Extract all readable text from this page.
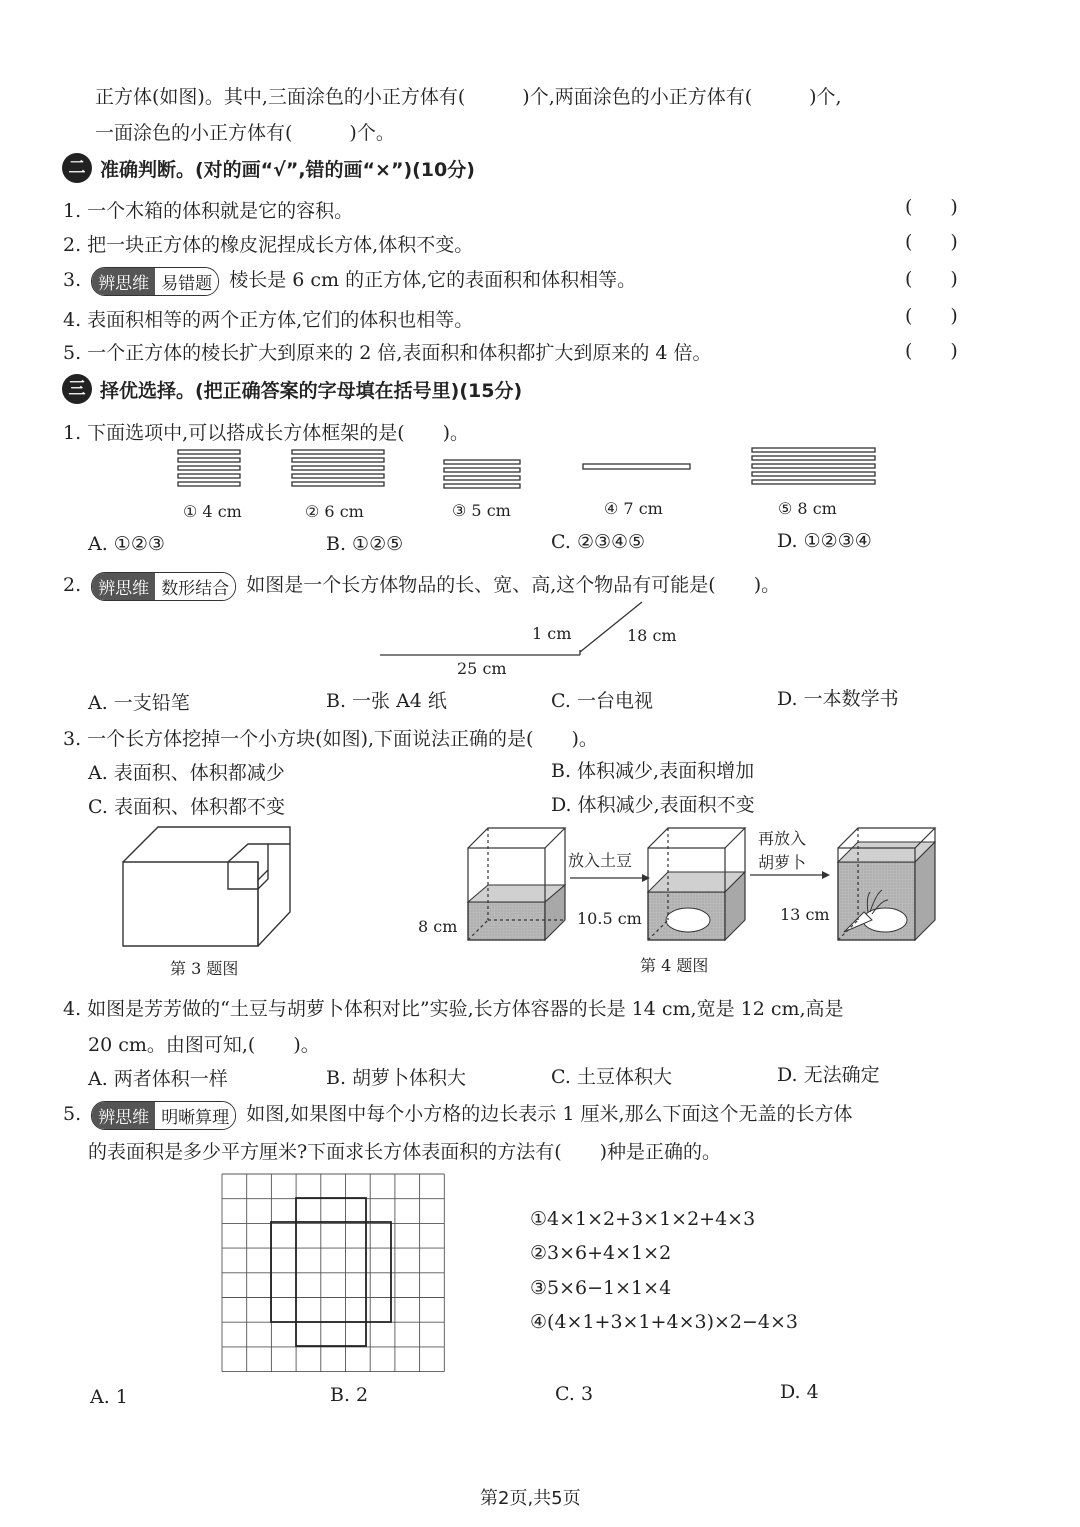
正方体(如图)。其中,三面涂色的小正方体有(　　　)个,两面涂色的小正方体有(　　　)个,
一面涂色的小正方体有(　　　)个。
二 准确判断。(对的画“√”,错的画“×”)(10分)
1. 一个木箱的体积就是它的容积。	(　　)
2. 把一块正方体的橡皮泥捏成长方体,体积不变。	(　　)
3.	辨思维 易错题 棱长是 6 cm 的正方体,它的表面积和体积相等。	(　　)
4. 表面积相等的两个正方体,它们的体积也相等。	(　　)
5. 一个正方体的棱长扩大到原来的 2 倍,表面积和体积都扩大到原来的 4 倍。	(　　)
三 择优选择。(把正确答案的字母填在括号里)(15分)
1. 下面选项中,可以搭成长方体框架的是(　　)。
① 4 cm	② 6 cm	③ 5 cm	④ 7 cm	⑤ 8 cm
A. ①②③	B. ①②⑤	C. ②③④⑤	D. ①②③④
2.	辨思维 数形结合 如图是一个长方体物品的长、宽、高,这个物品有可能是(　　)。
1 cm	18 cm
25 cm
A. 一支铅笔	B. 一张 A4 纸	C. 一台电视	D. 一本数学书
3. 一个长方体挖掉一个小方块(如图),下面说法正确的是(　　)。
A. 表面积、体积都减少	B. 体积减少,表面积增加
C. 表面积、体积都不变	D. 体积减少,表面积不变
第 3 题图
放入土豆
再放入
胡萝卜
8 cm	10.5 cm	13 cm
第 4 题图
4. 如图是芳芳做的“土豆与胡萝卜体积对比”实验,长方体容器的长是 14 cm,宽是 12 cm,高是
20 cm。由图可知,(　　)。
A. 两者体积一样	B. 胡萝卜体积大	C. 土豆体积大	D. 无法确定
5.	辨思维 明晰算理 如图,如果图中每个小方格的边长表示 1 厘米,那么下面这个无盖的长方体
的表面积是多少平方厘米?下面求长方体表面积的方法有(　　)种是正确的。
①4×1×2+3×1×2+4×3
②3×6+4×1×2
③5×6−1×1×4
④(4×1+3×1+4×3)×2−4×3
A. 1	B. 2	C. 3	D. 4
第2页,共5页
